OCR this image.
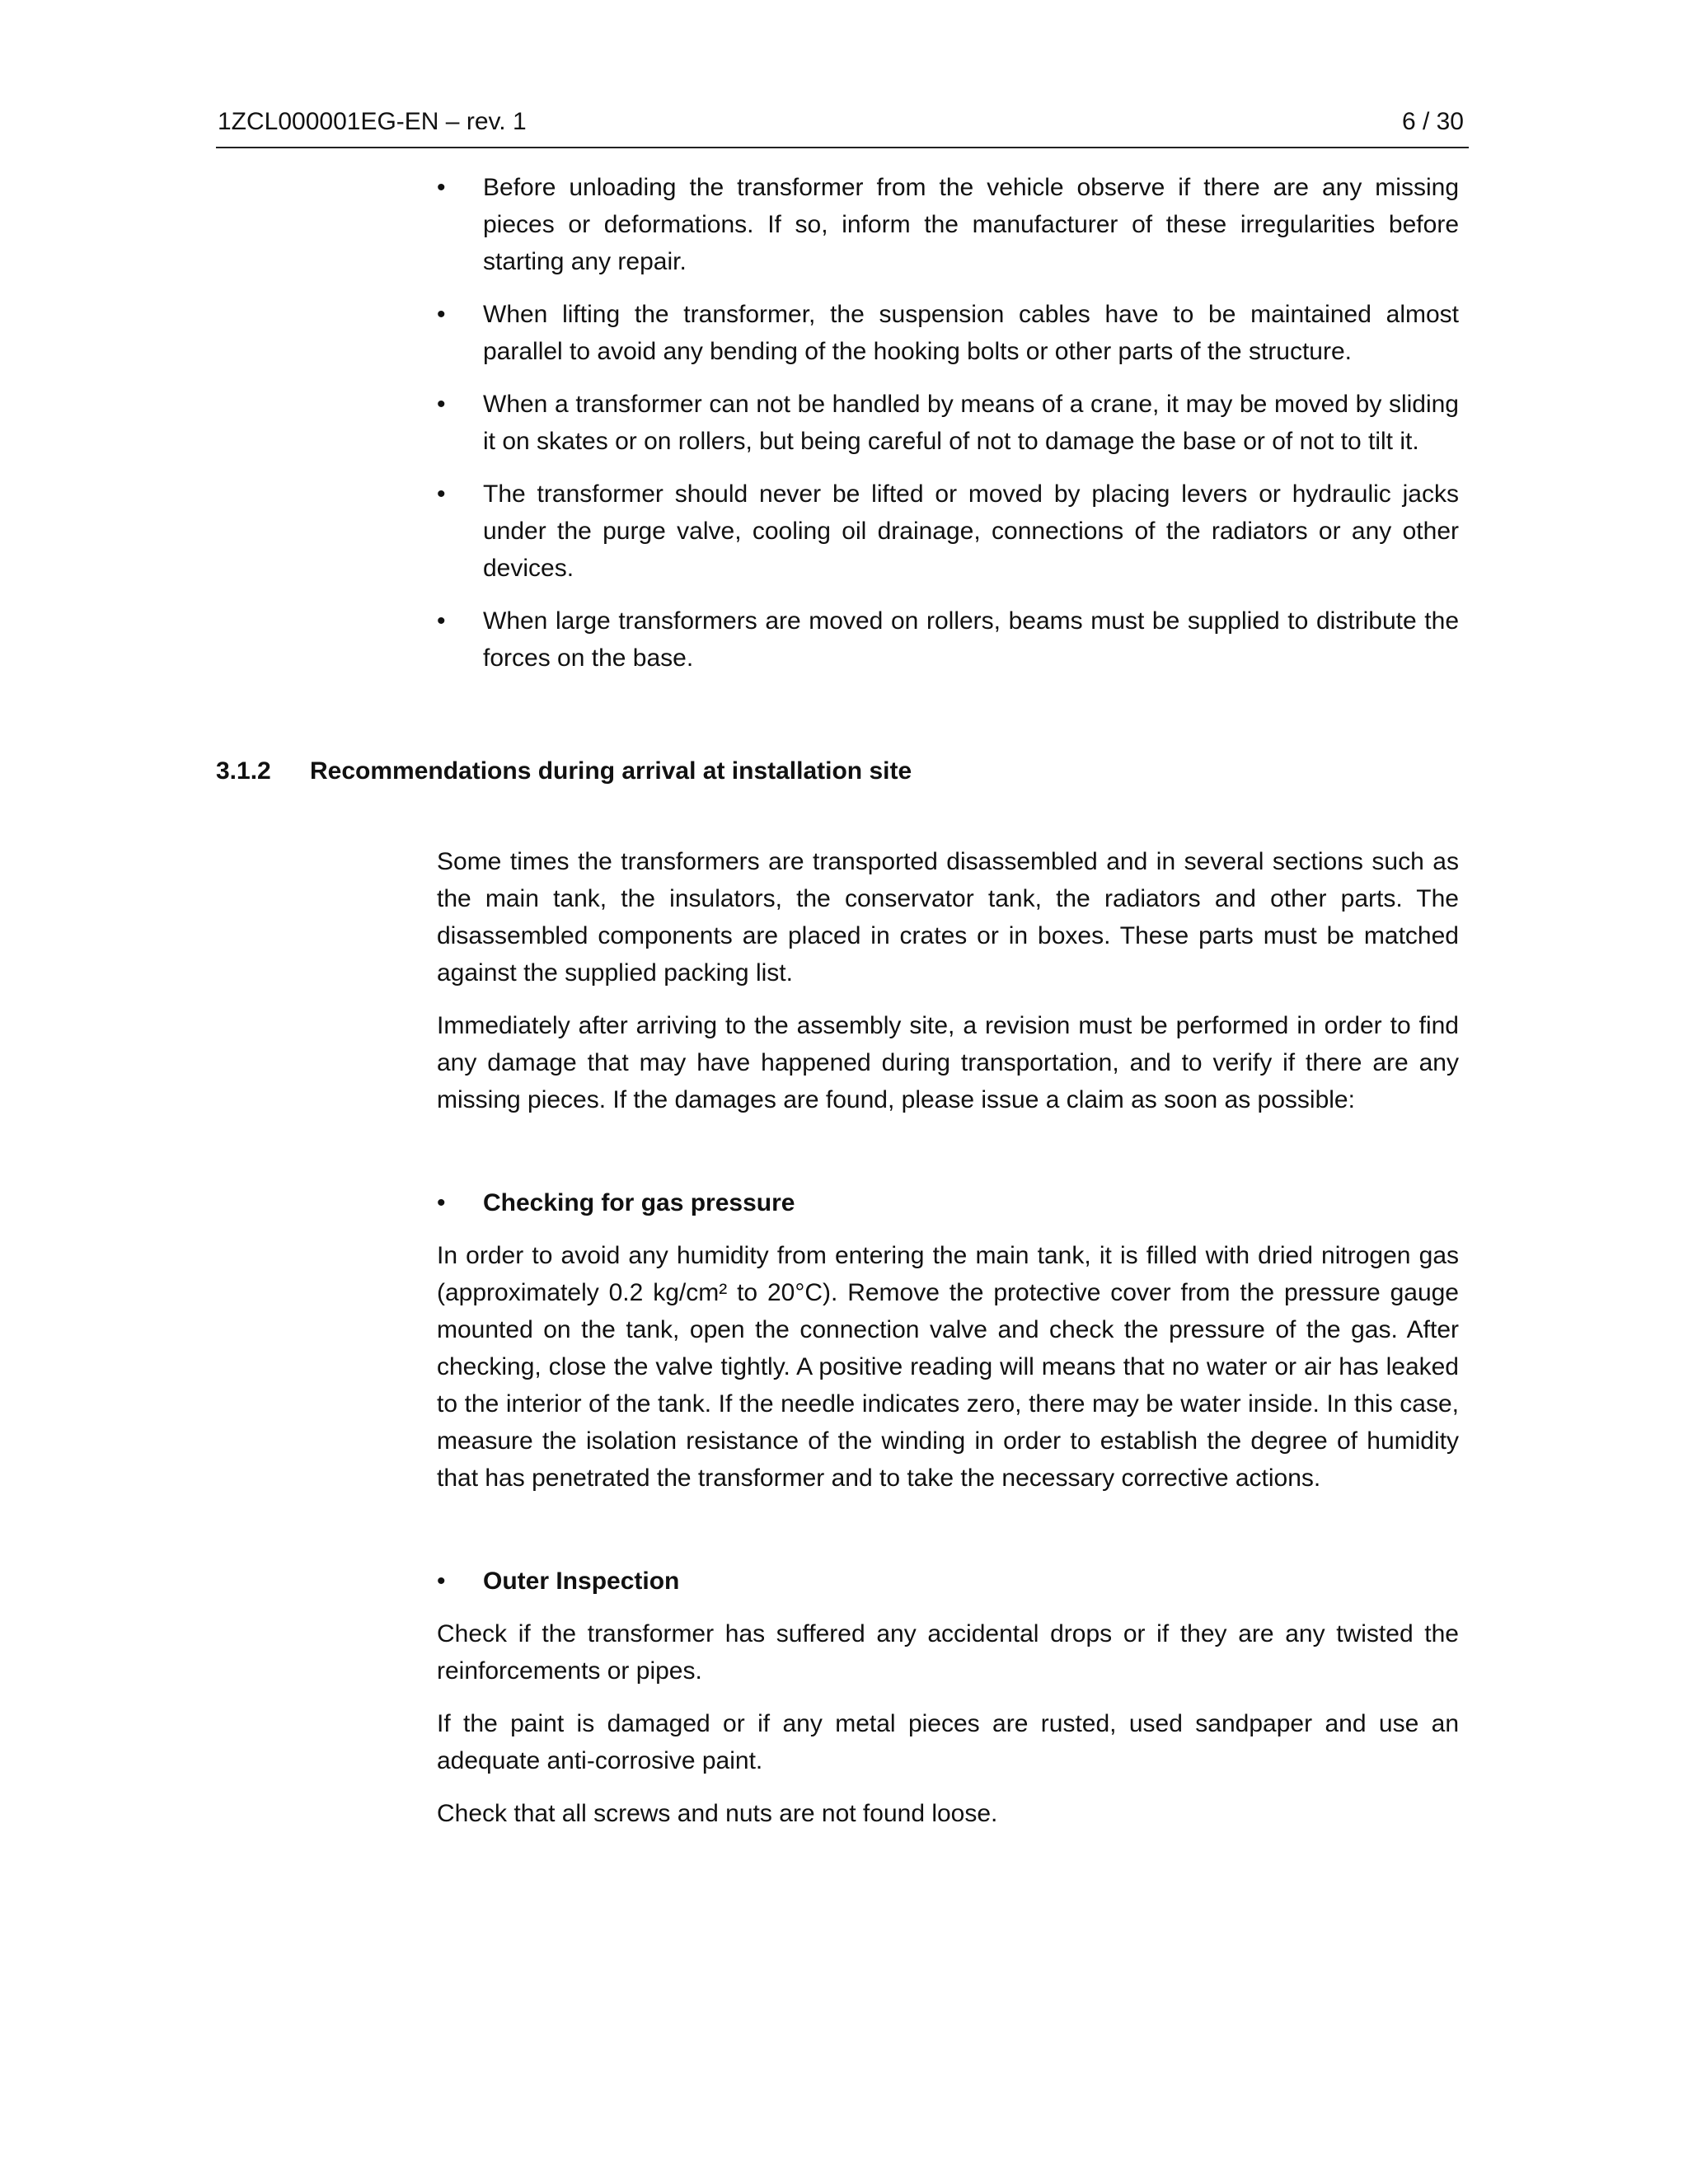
1ZCL000001EG-EN – rev. 1	6 / 30
•	Before unloading the transformer from the vehicle observe if there are any missing pieces or deformations. If so, inform the manufacturer of these irregularities before starting any repair.
•	When lifting the transformer, the suspension cables have to be maintained almost parallel to avoid any bending of the hooking bolts or other parts of the structure.
•	When a transformer can not be handled by means of a crane, it may be moved by sliding it on skates or on rollers, but being careful of not to damage the base or of not to tilt it.
•	The transformer should never be lifted or moved by placing levers or hydraulic jacks under the purge valve, cooling oil drainage, connections of the radiators or any other devices.
•	When large transformers are moved on rollers, beams must be supplied to distribute the forces on the base.
3.1.2 Recommendations during arrival at installation site

Some times the transformers are transported disassembled and in several sections such as the main tank, the insulators, the conservator tank, the radiators and other parts. The disassembled components are placed in crates or in boxes. These parts must be matched against the supplied packing list.

Immediately after arriving to the assembly site, a revision must be performed in order to find any damage that may have happened during transportation, and to verify if there are any missing pieces. If the damages are found, please issue a claim as soon as possible:

• Checking for gas pressure

In order to avoid any humidity from entering the main tank, it is filled with dried nitrogen gas (approximately 0.2 kg/cm² to 20°C). Remove the protective cover from the pressure gauge mounted on the tank, open the connection valve and check the pressure of the gas. After checking, close the valve tightly. A positive reading will means that no water or air has leaked to the interior of the tank. If the needle indicates zero, there may be water inside. In this case, measure the isolation resistance of the winding in order to establish the degree of humidity that has penetrated the transformer and to take the necessary corrective actions.

• Outer Inspection

Check if the transformer has suffered any accidental drops or if they are any twisted the reinforcements or pipes.

If the paint is damaged or if any metal pieces are rusted, used sandpaper and use an adequate anti-corrosive paint.

Check that all screws and nuts are not found loose.
